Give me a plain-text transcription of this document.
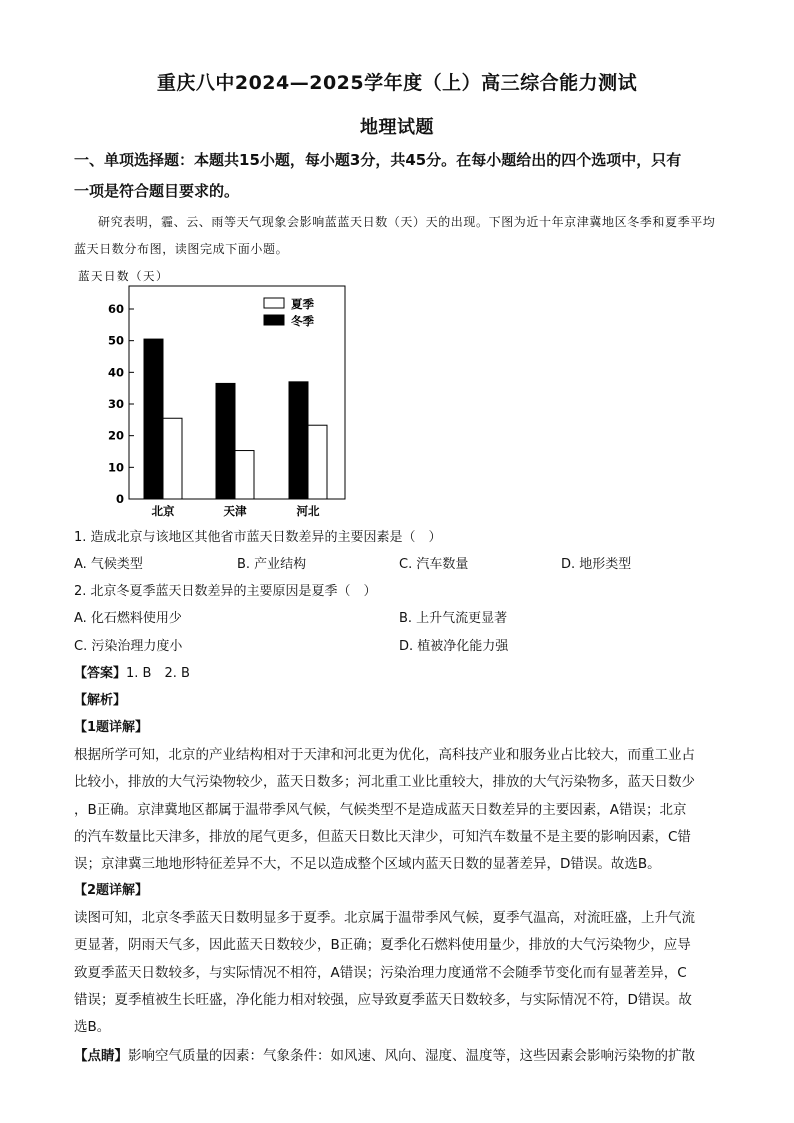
重庆八中2024—2025学年度（上）高三综合能力测试
地理试题
一、单项选择题：本题共15小题，每小题3分，共45分。在每小题给出的四个选项中，只有
一项是符合题目要求的。
研究表明，霾、云、雨等天气现象会影响蓝蓝天日数（天）天的出现。下图为近十年京津冀地区冬季和夏季平均蓝天日数分布图，读图完成下面小题。
蓝天日数（天）
0
10
20
30
40
50
60
北京	天津	河北
夏季
冬季
1. 造成北京与该地区其他省市蓝天日数差异的主要因素是（　）
A. 气候类型	B. 产业结构	C. 汽车数量	D. 地形类型
2. 北京冬夏季蓝天日数差异的主要原因是夏季（　）
A. 化石燃料使用少	B. 上升气流更显著
C. 污染治理力度小	D. 植被净化能力强
【答案】1. B　2. B
【解析】
【1题详解】
根据所学可知，北京的产业结构相对于天津和河北更为优化，高科技产业和服务业占比较大，而重工业占
比较小，排放的大气污染物较少，蓝天日数多；河北重工业比重较大，排放的大气污染物多，蓝天日数少
，B正确。京津冀地区都属于温带季风气候，气候类型不是造成蓝天日数差异的主要因素，A错误；北京
的汽车数量比天津多，排放的尾气更多，但蓝天日数比天津少，可知汽车数量不是主要的影响因素，C错
误；京津冀三地地形特征差异不大，不足以造成整个区域内蓝天日数的显著差异，D错误。故选B。
【2题详解】
读图可知，北京冬季蓝天日数明显多于夏季。北京属于温带季风气候，夏季气温高，对流旺盛，上升气流
更显著，阴雨天气多，因此蓝天日数较少，B正确；夏季化石燃料使用量少，排放的大气污染物少，应导
致夏季蓝天日数较多，与实际情况不相符，A错误；污染治理力度通常不会随季节变化而有显著差异，C
错误；夏季植被生长旺盛，净化能力相对较强，应导致夏季蓝天日数较多，与实际情况不符，D错误。故
选B。
【点睛】影响空气质量的因素：气象条件：如风速、风向、湿度、温度等，这些因素会影响污染物的扩散
